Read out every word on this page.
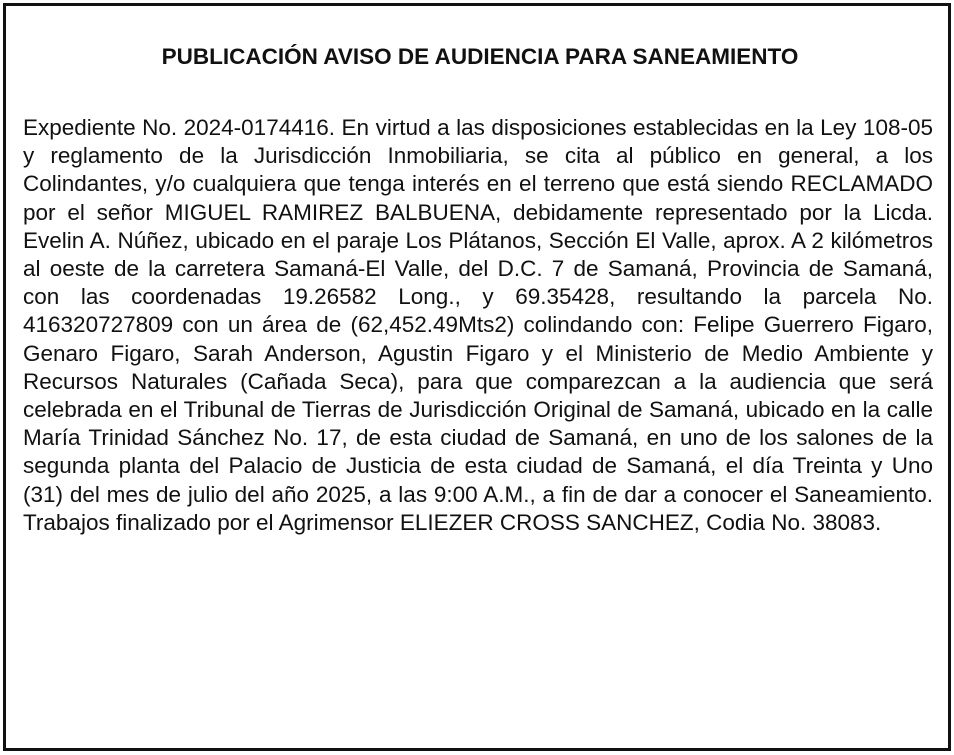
PUBLICACIÓN AVISO DE AUDIENCIA PARA SANEAMIENTO

Expediente No. 2024-0174416. En virtud a las disposiciones establecidas en la Ley 108-05 y reglamento de la Jurisdicción Inmobiliaria, se cita al público en general, a los Colindantes, y/o cualquiera que tenga interés en el terreno que está siendo RECLAMADO por el señor MIGUEL RAMIREZ BALBUENA, debidamente representado por la Licda. Evelin A. Núñez, ubicado en el paraje Los Plátanos, Sección El Valle, aprox. A 2 kilómetros al oeste de la carretera Samaná-El Valle, del D.C. 7 de Samaná, Provincia de Samaná, con las coordenadas 19.26582 Long., y 69.35428, resultando la parcela No. 416320727809 con un área de (62,452.49Mts2) colindando con: Felipe Guerrero Figaro, Genaro Figaro, Sarah Anderson, Agustin Figaro y el Ministerio de Medio Ambiente y Recursos Naturales (Cañada Seca), para que comparezcan a la audiencia que será celebrada en el Tribunal de Tierras de Jurisdicción Original de Samaná, ubicado en la calle María Trinidad Sánchez No. 17, de esta ciudad de Samaná, en uno de los salones de la segunda planta del Palacio de Justicia de esta ciudad de Samaná, el día Treinta y Uno (31) del mes de julio del año 2025, a las 9:00 A.M., a fin de dar a conocer el Saneamiento. Trabajos finalizado por el Agrimensor ELIEZER CROSS SANCHEZ, Codia No. 38083.
